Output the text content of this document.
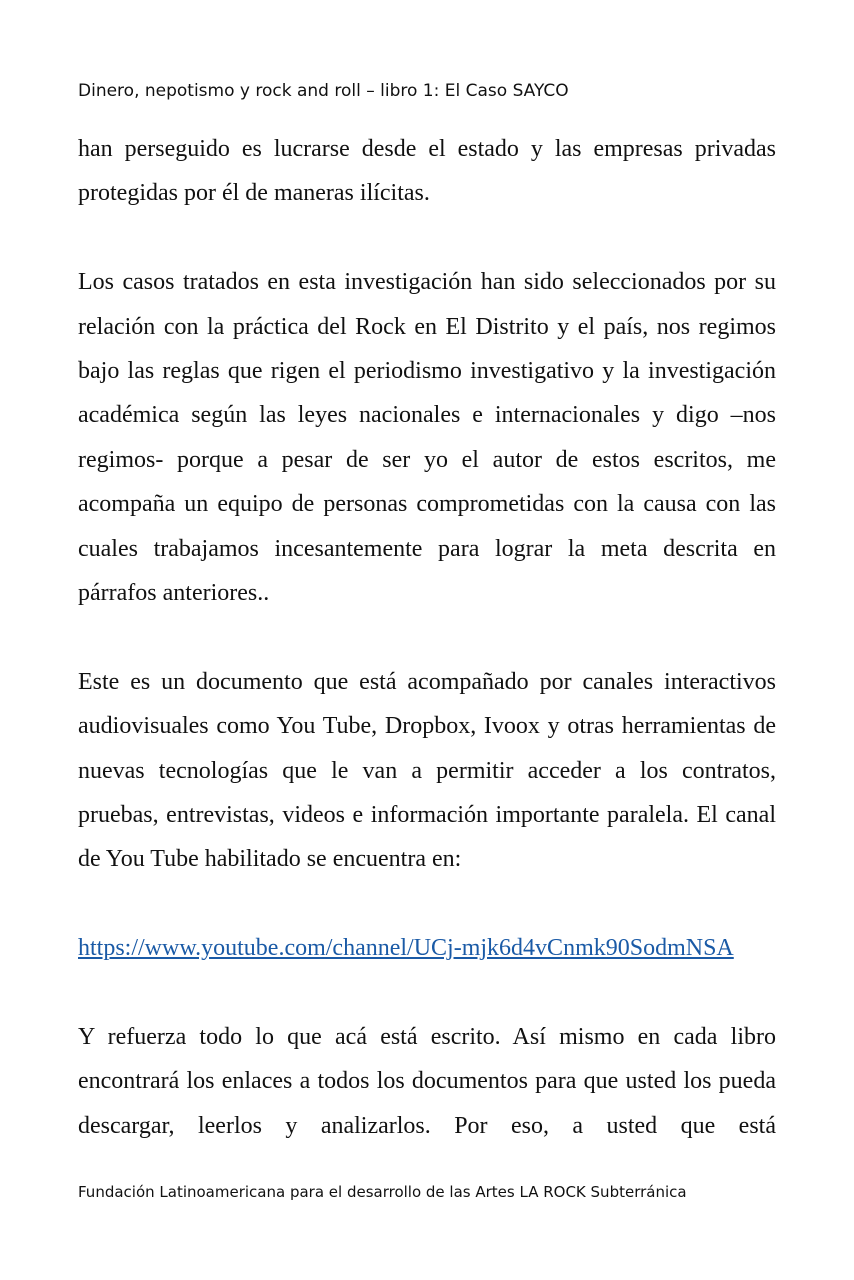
Dinero, nepotismo y rock and roll – libro 1: El Caso SAYCO

han perseguido es lucrarse desde el estado y las empresas privadas protegidas por él de maneras ilícitas.

Los casos tratados en esta investigación han sido seleccionados por su relación con la práctica del Rock en El Distrito y el país, nos regimos bajo las reglas que rigen el periodismo investigativo y la investigación académica según las leyes nacionales e internacionales y digo –nos regimos- porque a pesar de ser yo el autor de estos escritos, me acompaña un equipo de personas comprometidas con la causa con las cuales trabajamos incesantemente para lograr la meta descrita en párrafos anteriores..

Este es un documento que está acompañado por canales interactivos audiovisuales como You Tube, Dropbox, Ivoox y otras herramientas de nuevas tecnologías que le van a permitir acceder a los contratos, pruebas, entrevistas, videos e información importante paralela. El canal de You Tube habilitado se encuentra en:

https://www.youtube.com/channel/UCj-mjk6d4vCnmk90SodmNSA

Y refuerza todo lo que acá está escrito. Así mismo en cada libro encontrará los enlaces a todos los documentos para que usted los pueda descargar, leerlos y analizarlos. Por eso, a usted que está

Fundación Latinoamericana para el desarrollo de las Artes LA ROCK Subterránica
